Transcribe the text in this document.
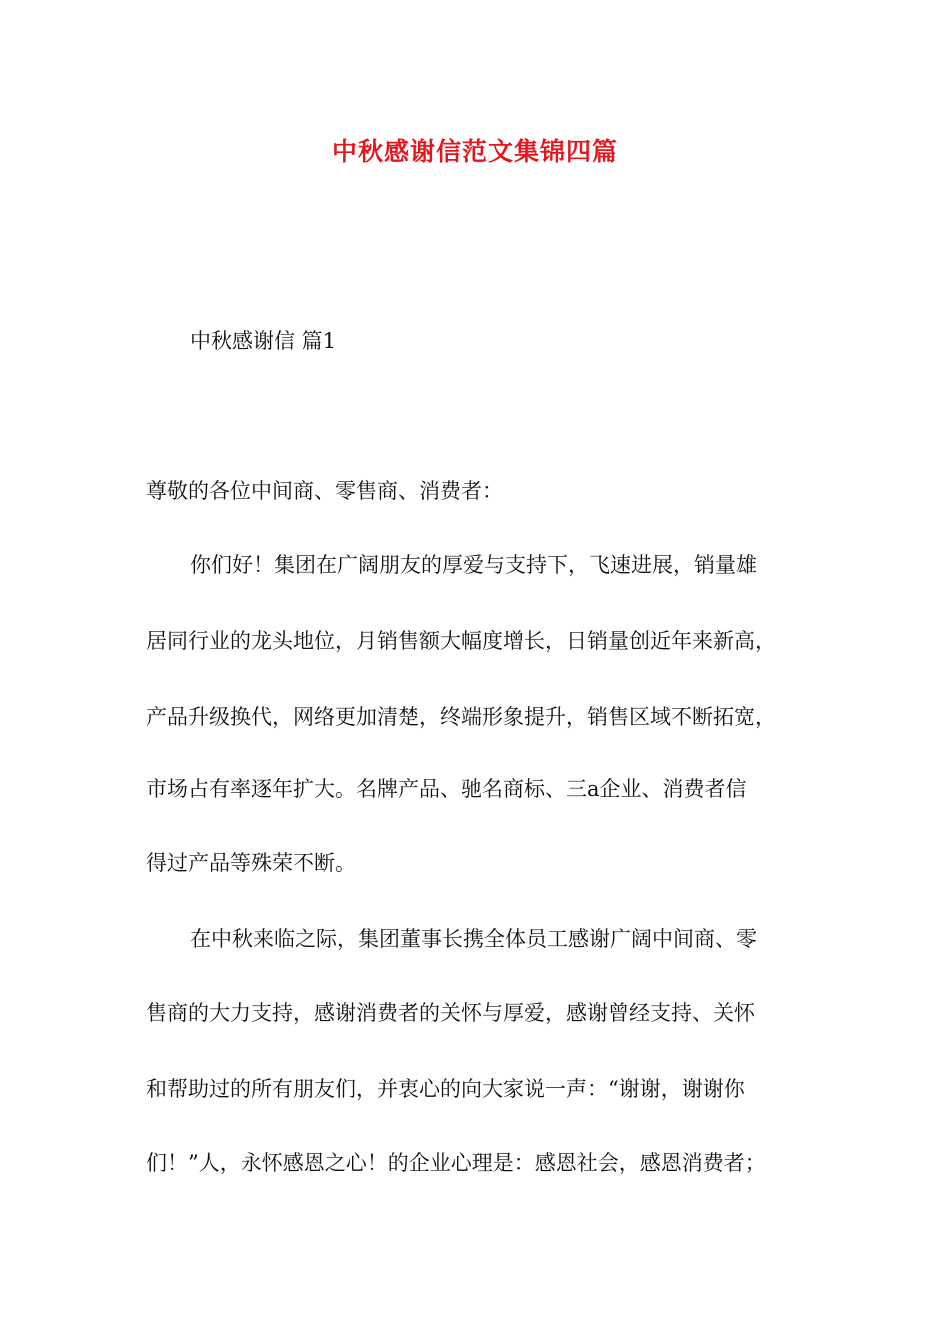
中秋感谢信范文集锦四篇
中秋感谢信 篇1
尊敬的各位中间商、零售商、消费者：
你们好！集团在广阔朋友的厚爱与支持下，飞速进展，销量雄
居同行业的龙头地位，月销售额大幅度增长，日销量创近年来新高，
产品升级换代，网络更加清楚，终端形象提升，销售区域不断拓宽，
市场占有率逐年扩大。名牌产品、驰名商标、三a企业、消费者信
得过产品等殊荣不断。
在中秋来临之际，集团董事长携全体员工感谢广阔中间商、零
售商的大力支持，感谢消费者的关怀与厚爱，感谢曾经支持、关怀
和帮助过的所有朋友们，并衷心的向大家说一声：“谢谢，谢谢你
们！”人，永怀感恩之心！的企业心理是：感恩社会，感恩消费者；
